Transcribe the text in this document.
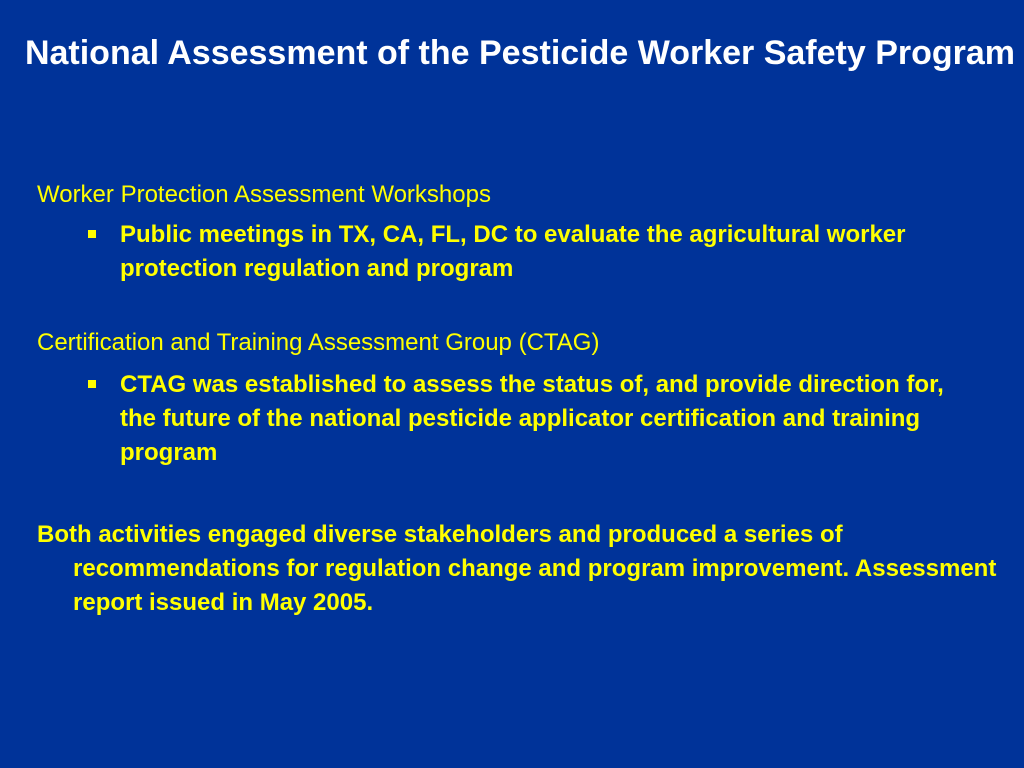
National Assessment of the Pesticide Worker Safety Program
Worker Protection Assessment Workshops
Public meetings in TX, CA, FL, DC to evaluate the agricultural worker protection regulation and program
Certification and Training Assessment Group (CTAG)
CTAG was established to assess the status of, and provide direction for, the future of the national pesticide applicator certification and training program

Both activities engaged diverse stakeholders and produced a series of recommendations for regulation change and program improvement. Assessment report issued in May 2005.
